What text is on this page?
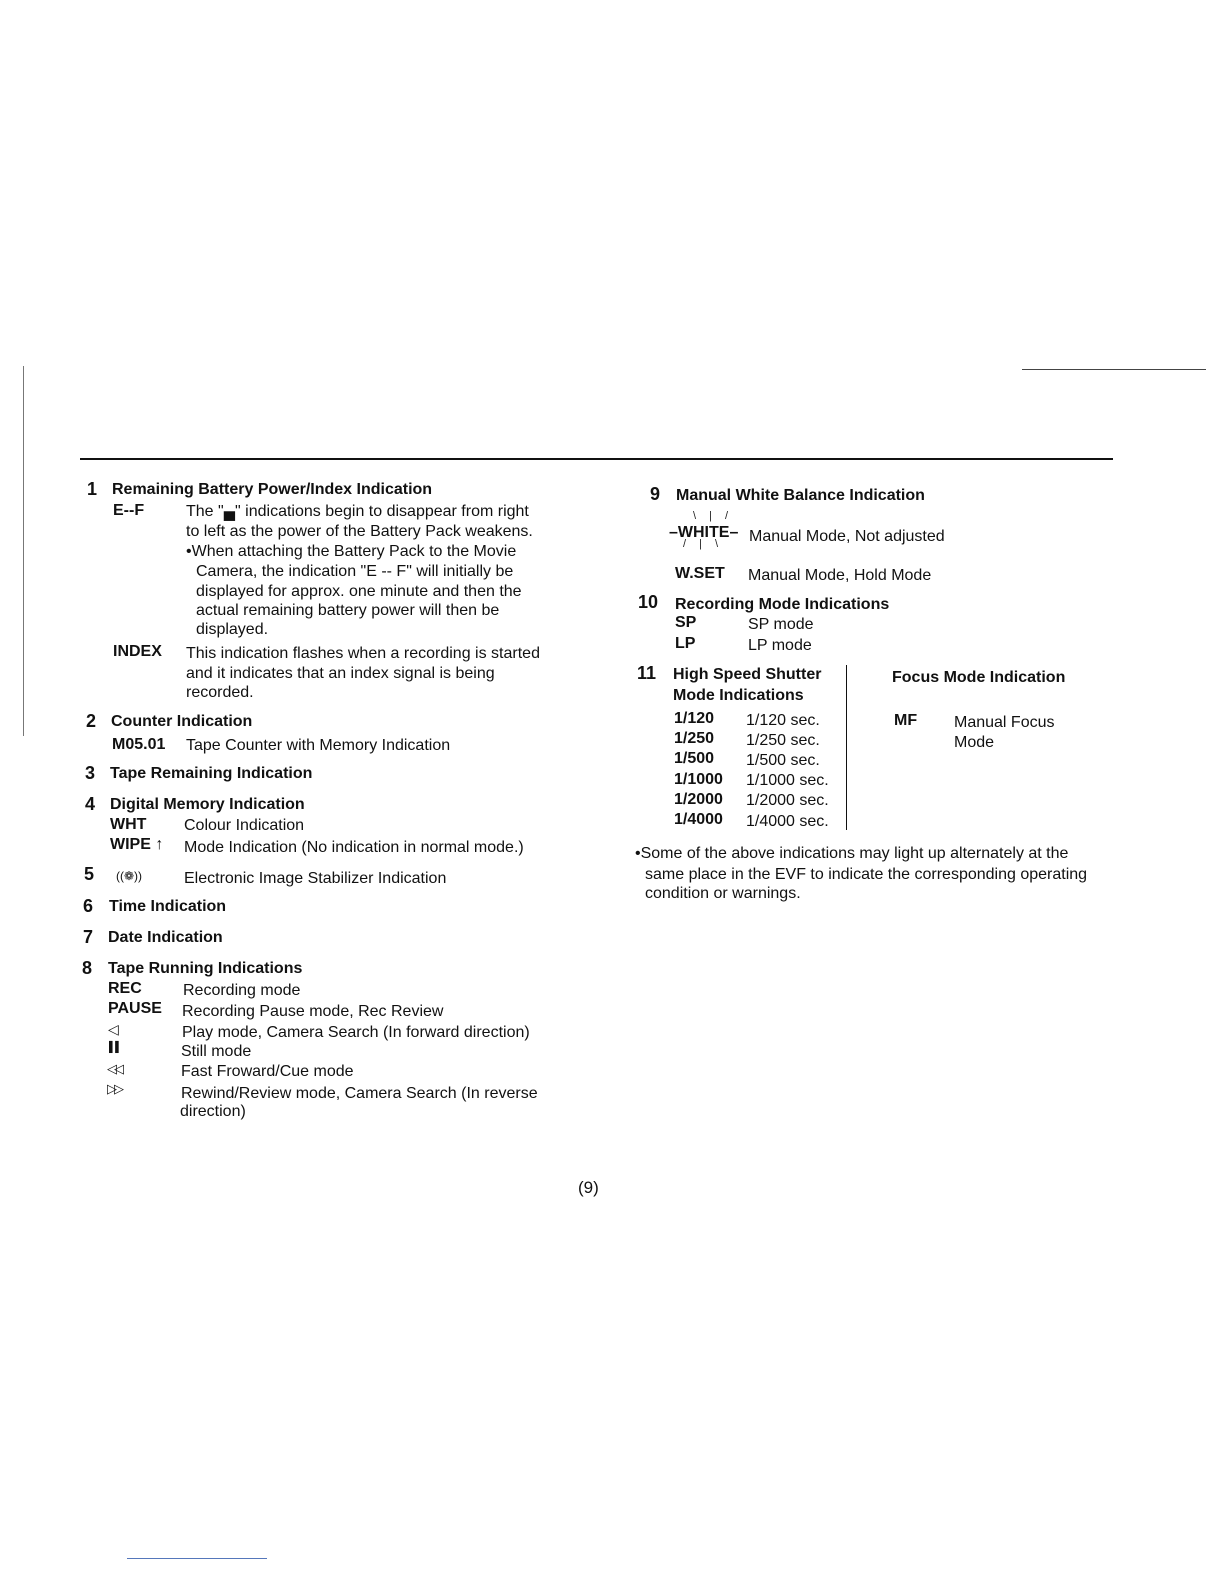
1 Remaining Battery Power/Index Indication
E--F	The "▄" indications begin to disappear from right
to left as the power of the Battery Pack weakens.
•When attaching the Battery Pack to the Movie
Camera, the indication "E -- F" will initially be
displayed for approx. one minute and then the
actual remaining battery power will then be
displayed.
INDEX This indication flashes when a recording is started
and it indicates that an index signal is being
recorded.
2 Counter Indication
M05.01 Tape Counter with Memory Indication
3 Tape Remaining Indication
4 Digital Memory Indication
WHT Colour Indication
WIPE ↑ Mode Indication (No indication in normal mode.)
5 ((❁))	Electronic Image Stabilizer Indication
6 Time Indication
7 Date Indication
8 Tape Running Indications
REC	Recording mode
PAUSE Recording Pause mode, Rec Review
◁	Play mode, Camera Search (In forward direction)
▌▌	Still mode
◁◁	Fast Froward/Cue mode
▷▷	Rewind/Review mode, Camera Search (In reverse
direction)
9 Manual White Balance Indication
\ | /
–WHITE–
/ | \ Manual Mode, Not adjusted
W.SET Manual Mode, Hold Mode
10 Recording Mode Indications
SP	SP mode
LP	LP mode
11 High Speed Shutter
Mode Indications
1/120 1/120 sec.
1/250 1/250 sec.
1/500 1/500 sec.
1/1000 1/1000 sec.
1/2000 1/2000 sec.
1/4000 1/4000 sec.
Focus Mode Indication
MF Manual Focus
Mode
•Some of the above indications may light up alternately at the
same place in the EVF to indicate the corresponding operating
condition or warnings.
(9)
